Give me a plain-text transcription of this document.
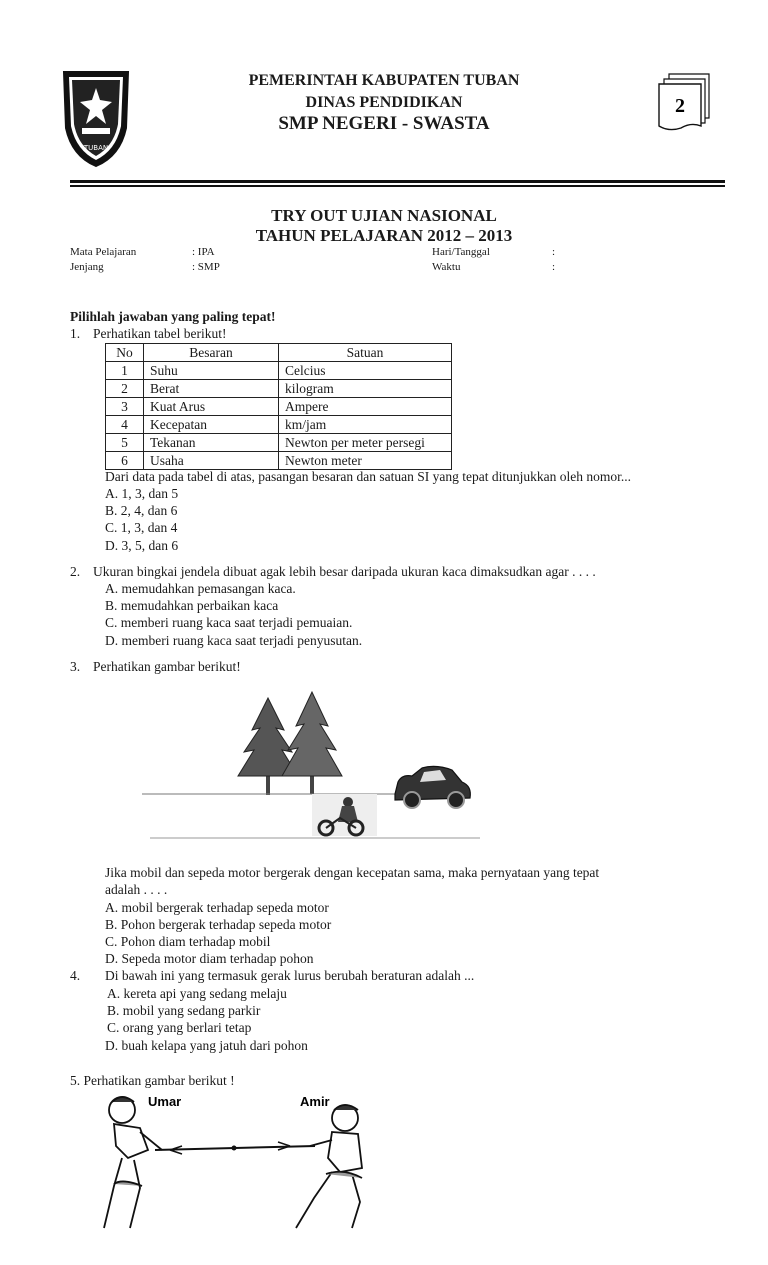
TUBAN
PEMERINTAH KABUPATEN TUBAN
DINAS PENDIDIKAN
SMP NEGERI - SWASTA
2
TRY OUT UJIAN NASIONAL
TAHUN PELAJARAN 2012 – 2013
Mata Pelajaran	: IPA
Jenjang	: SMP
Hari/Tanggal	:
Waktu	:
Pilihlah jawaban yang paling tepat!
1. Perhatikan tabel berikut!
No	Besaran	Satuan
1	Suhu	Celcius
2	Berat	kilogram
3	Kuat Arus	Ampere
4	Kecepatan	km/jam
5	Tekanan	Newton per meter persegi
6	Usaha	Newton meter
Dari data pada tabel di atas, pasangan besaran dan satuan SI yang tepat ditunjukkan oleh nomor...
A. 1, 3, dan 5
B. 2, 4, dan 6
C. 1, 3, dan 4
D. 3, 5, dan 6
2. Ukuran bingkai jendela dibuat agak lebih besar daripada ukuran kaca dimaksudkan agar . . . .
A. memudahkan pemasangan kaca.
B. memudahkan perbaikan kaca
C. memberi ruang kaca saat terjadi pemuaian.
D. memberi ruang kaca saat terjadi penyusutan.
3. Perhatikan gambar berikut!
Jika mobil dan sepeda motor bergerak dengan kecepatan sama, maka pernyataan yang tepat
adalah . . . .
A. mobil bergerak terhadap sepeda motor
B. Pohon bergerak terhadap sepeda motor
C. Pohon diam terhadap mobil
D. Sepeda motor diam terhadap pohon
4. Di bawah ini yang termasuk gerak lurus berubah beraturan adalah ...
A. kereta api yang sedang melaju
B. mobil yang sedang parkir
C. orang yang berlari tetap
D. buah kelapa yang jatuh dari pohon
5. Perhatikan gambar berikut !
Umar	Amir
